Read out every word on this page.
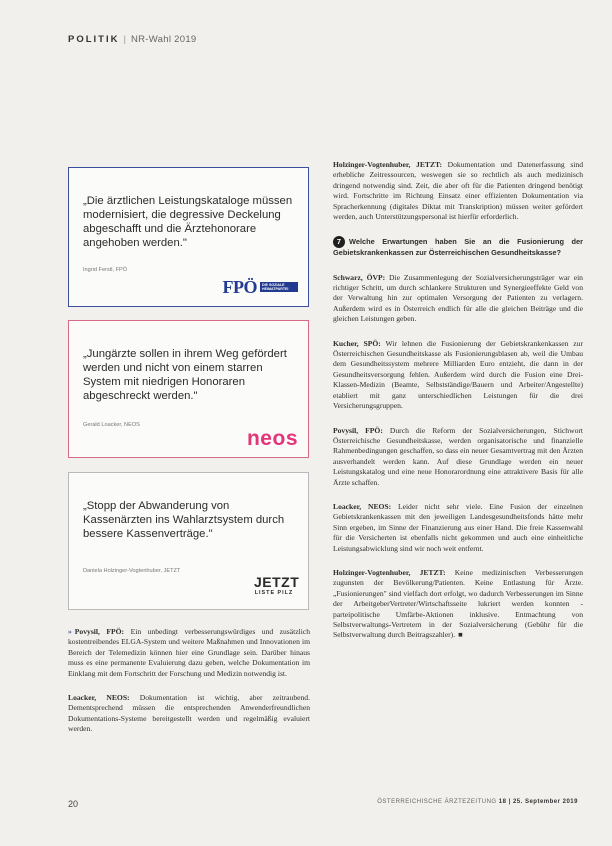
POLITIK | NR-Wahl 2019
„Die ärztlichen Leistungskataloge müssen modernisiert, die degressive Deckelung abgeschafft und die Ärztehonorare angehoben werden."
Ingrid Ferstl, FPÖ
FPÖ	DIE SOZIALE HEIMATPARTEI
„Jungärzte sollen in ihrem Weg gefördert werden und nicht von einem starren System mit niedrigen Honoraren abgeschreckt werden."
Gerald Loacker, NEOS
neos
„Stopp der Abwanderung von Kassenärzten ins Wahlarztsystem durch bessere Kassenverträge."
Daniela Holzinger-Vogtenhuber, JETZT
JETZT
LISTE PILZ

» Povysil, FPÖ: Ein unbedingt verbesserungswürdiges und zusätzlich kostentreibendes ELGA-System und weitere Maßnahmen und Innovationen im Bereich der Telemedizin können hier eine Grundlage sein. Darüber hinaus muss es eine permanente Evaluierung dazu geben, welche Dokumentation im Einklang mit dem Fortschritt der Forschung und Medizin notwendig ist.

Loacker, NEOS: Dokumentation ist wichtig, aber zeitraubend. Dementsprechend müssen die entsprechenden Anwenderfreundlichen Dokumentations-Systeme bereitgestellt werden und regelmäßig evaluiert werden.

Holzinger-Vogtenhuber, JETZT: Dokumentation und Datenerfassung sind erhebliche Zeitressourcen, weswegen sie so rechtlich als auch medizinisch dringend notwendig sind. Zeit, die aber oft für die Patienten dringend benötigt wird. Fortschritte im Richtung Einsatz einer effizienten Dokumentation via Spracherkennung (digitales Diktat mit Transkription) müssen weiter gefördert werden, auch Unterstützungspersonal ist hierfür erforderlich.

7 Welche Erwartungen haben Sie an die Fusionierung der Gebietskrankenkassen zur Österreichischen Gesundheitskasse?

Schwarz, ÖVP: Die Zusammenlegung der Sozialversicherungsträger war ein richtiger Schritt, um durch schlankere Strukturen und Synergieeffekte Geld von der Verwaltung hin zur optimalen Versorgung der Patienten zu verlagern. Außerdem wird es in Österreich endlich für alle die gleichen Beiträge und die gleichen Leistungen geben.

Kucher, SPÖ: Wir lehnen die Fusionierung der Gebietskrankenkassen zur Österreichischen Gesundheitskasse als Fusionierungsblasen ab, weil die Umbau dem Gesundheitssystem mehrere Milliarden Euro entzieht, die dann in der Gesundheitsversorgung fehlen. Außerdem wird durch die Fusion eine Drei-Klassen-Medizin (Beamte, Selbstständige/Bauern und Arbeiter/Angestellte) etabliert mit ganz unterschiedlichen Leistungen für die drei Versicherungsgruppen.

Povysil, FPÖ: Durch die Reform der Sozialversicherungen, Stichwort Österreichische Gesundheitskasse, werden organisatorische und finanzielle Rahmenbedingungen geschaffen, so dass ein neuer Gesamtvertrag mit den Ärzten ausverhandelt werden kann. Auf diese Grundlage werden ein neuer Leistungskatalog und eine neue Honorarordnung eine attraktivere Basis für alle Ärzte schaffen.

Loacker, NEOS: Leider nicht sehr viele. Eine Fusion der einzelnen Gebietskrankenkassen mit den jeweiligen Landesgesundheitsfonds hätte mehr Sinn ergeben, im Sinne der Finanzierung aus einer Hand. Die freie Kassenwahl für die Versicherten ist ebenfalls nicht gekommen und auch eine einheitliche Leistungsabwicklung sind wir noch weit entfernt.

Holzinger-Vogtenhuber, JETZT: Keine medizinischen Verbesserungen zugunsten der Bevölkerung/Patienten. Keine Entlastung für Ärzte. „Fusionierungen" sind vielfach dort erfolgt, wo dadurch Verbesserungen im Sinne der ArbeitgeberVertreter/Wirtschaftsseite lukriert werden konnten - parteipolitische Umfärbe-Aktionen inklusive. Entmachtung von Selbstverwaltungs-Vertretern in der Sozialversicherung (Gebühr für die Selbstverwaltung durch Beitragszahler). ■

20	ÖSTERREICHISCHE ÄRZTEZEITUNG 18 | 25. September 2019
